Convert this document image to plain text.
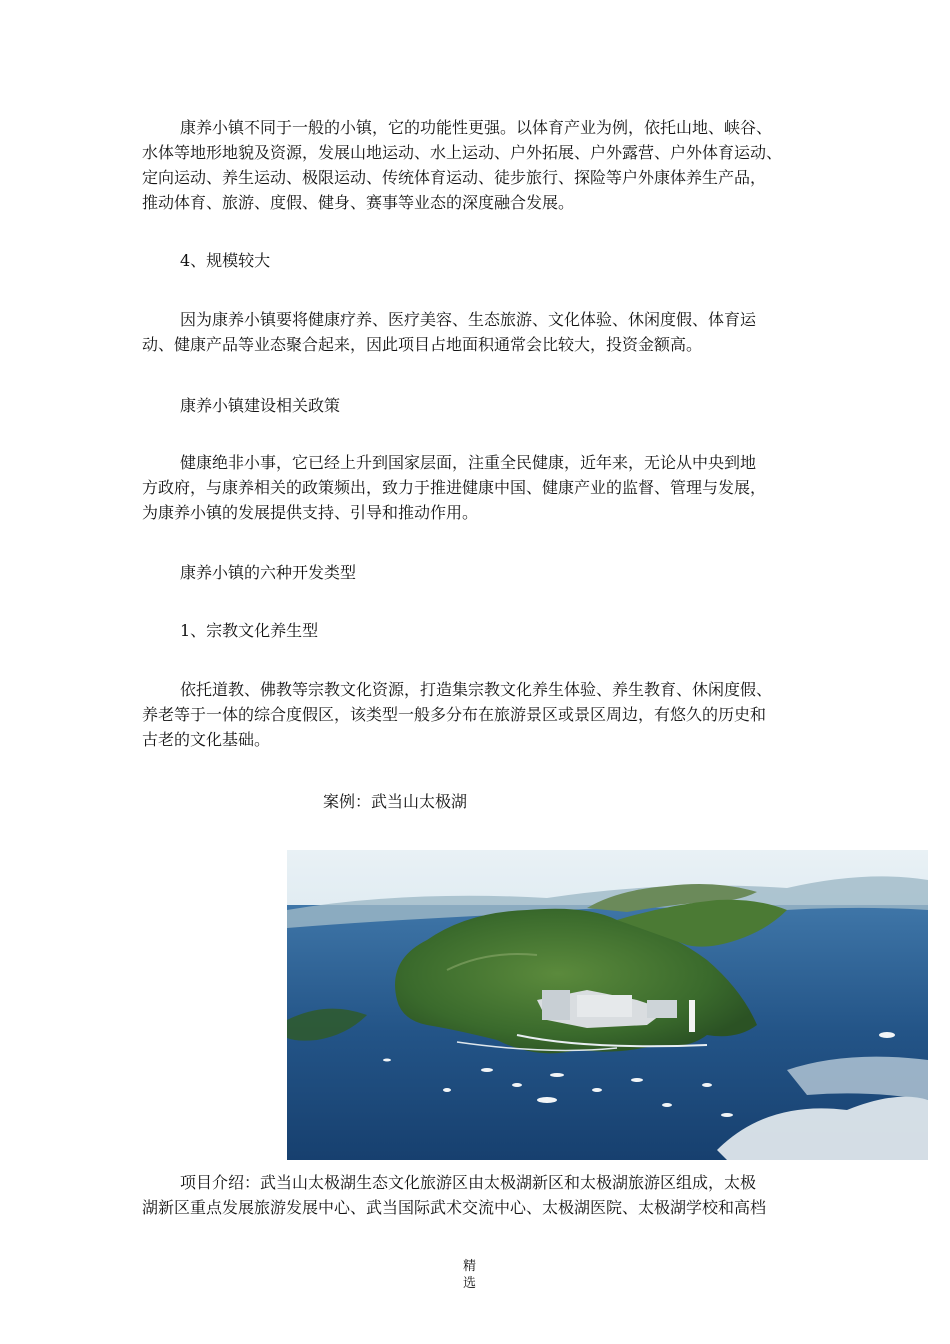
康养小镇不同于一般的小镇，它的功能性更强。以体育产业为例，依托山地、峡谷、
水体等地形地貌及资源，发展山地运动、水上运动、户外拓展、户外露营、户外体育运动、
定向运动、养生运动、极限运动、传统体育运动、徒步旅行、探险等户外康体养生产品，
推动体育、旅游、度假、健身、赛事等业态的深度融合发展。

4、规模较大

因为康养小镇要将健康疗养、医疗美容、生态旅游、文化体验、休闲度假、体育运
动、健康产品等业态聚合起来，因此项目占地面积通常会比较大，投资金额高。

康养小镇建设相关政策

健康绝非小事，它已经上升到国家层面，注重全民健康，近年来，无论从中央到地
方政府，与康养相关的政策频出，致力于推进健康中国、健康产业的监督、管理与发展，
为康养小镇的发展提供支持、引导和推动作用。

康养小镇的六种开发类型

1、宗教文化养生型

依托道教、佛教等宗教文化资源，打造集宗教文化养生体验、养生教育、休闲度假、
养老等于一体的综合度假区，该类型一般多分布在旅游景区或景区周边，有悠久的历史和
古老的文化基础。

案例：武当山太极湖

项目介绍：武当山太极湖生态文化旅游区由太极湖新区和太极湖旅游区组成，太极
湖新区重点发展旅游发展中心、武当国际武术交流中心、太极湖医院、太极湖学校和高档

精
选
